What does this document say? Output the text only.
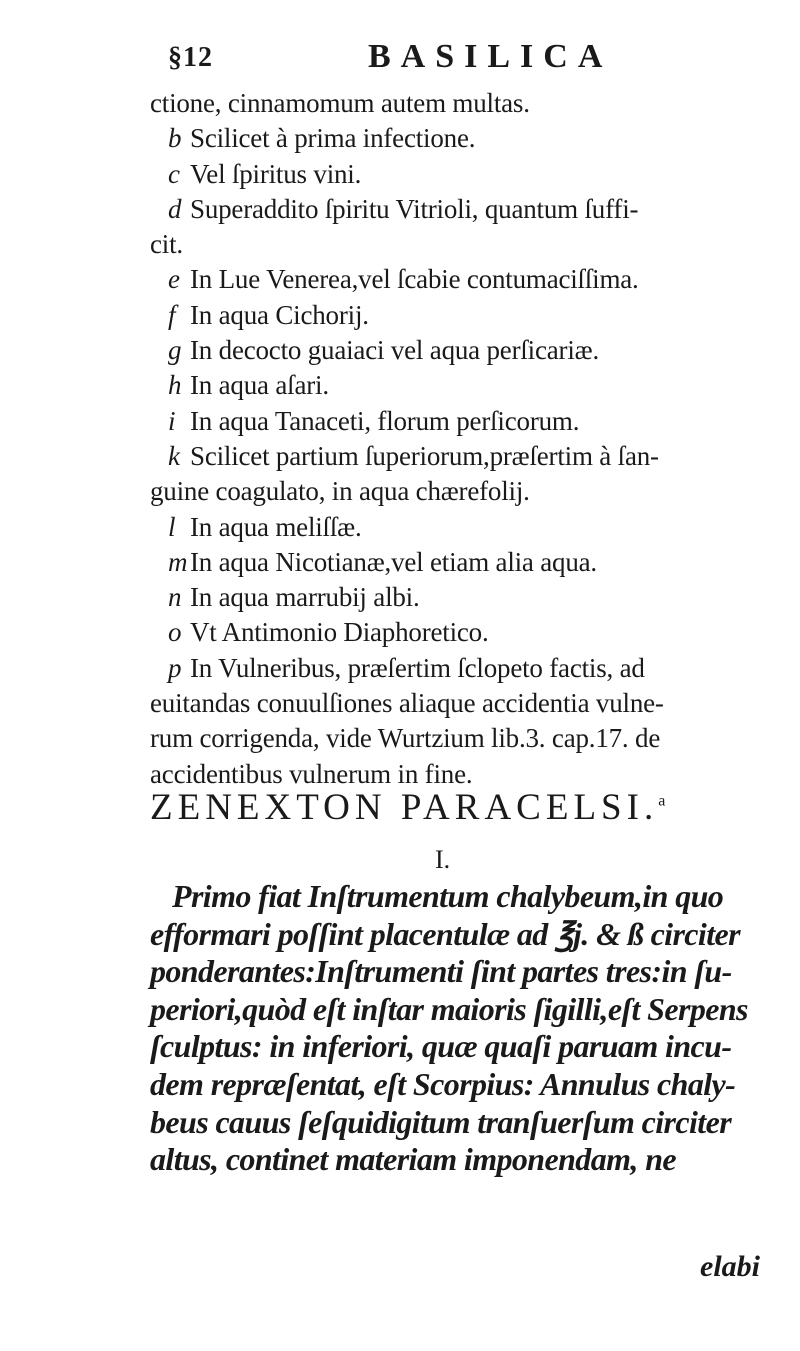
§12	BASILICA
ctione, cinnamomum autem multas.
b Scilicet à prima infectione.
c Vel ſpiritus vini.
d Superaddito ſpiritu Vitrioli, quantum ſuffi-
cit.
e In Lue Venerea,vel ſcabie contumaciſſima.
f In aqua Cichorij.
g In decocto guaiaci vel aqua perſicariæ.
h In aqua aſari.
i In aqua Tanaceti, florum perſicorum.
k Scilicet partium ſuperiorum,præſertim à ſan-
guine coagulato, in aqua chærefolij.
l In aqua meliſſæ.
mIn aqua Nicotianæ,vel etiam alia aqua.
n In aqua marrubij albi.
o Vt Antimonio Diaphoretico.
p In Vulneribus, præſertim ſclopeto factis, ad
euitandas conuulſiones aliaque accidentia vulne-
rum corrigenda, vide Wurtzium lib.3. cap.17. de
accidentibus vulnerum in fine.
ZENEXTON PARACELSI.$^a$
I.
Primo fiat Inſtrumentum chalybeum,in quo
efformari poſſint placentulæ ad ℥j. & ß circiter
ponderantes:Inſtrumenti ſint partes tres:in ſu-
periori,quòd eſt inſtar maioris ſigilli,eſt Serpens
ſculptus: in inferiori, quæ quaſi paruam incu-
dem repræſentat, eſt Scorpius: Annulus chaly-
beus cauus ſeſquidigitum tranſuerſum circiter
altus, continet materiam imponendam, ne
elabi
